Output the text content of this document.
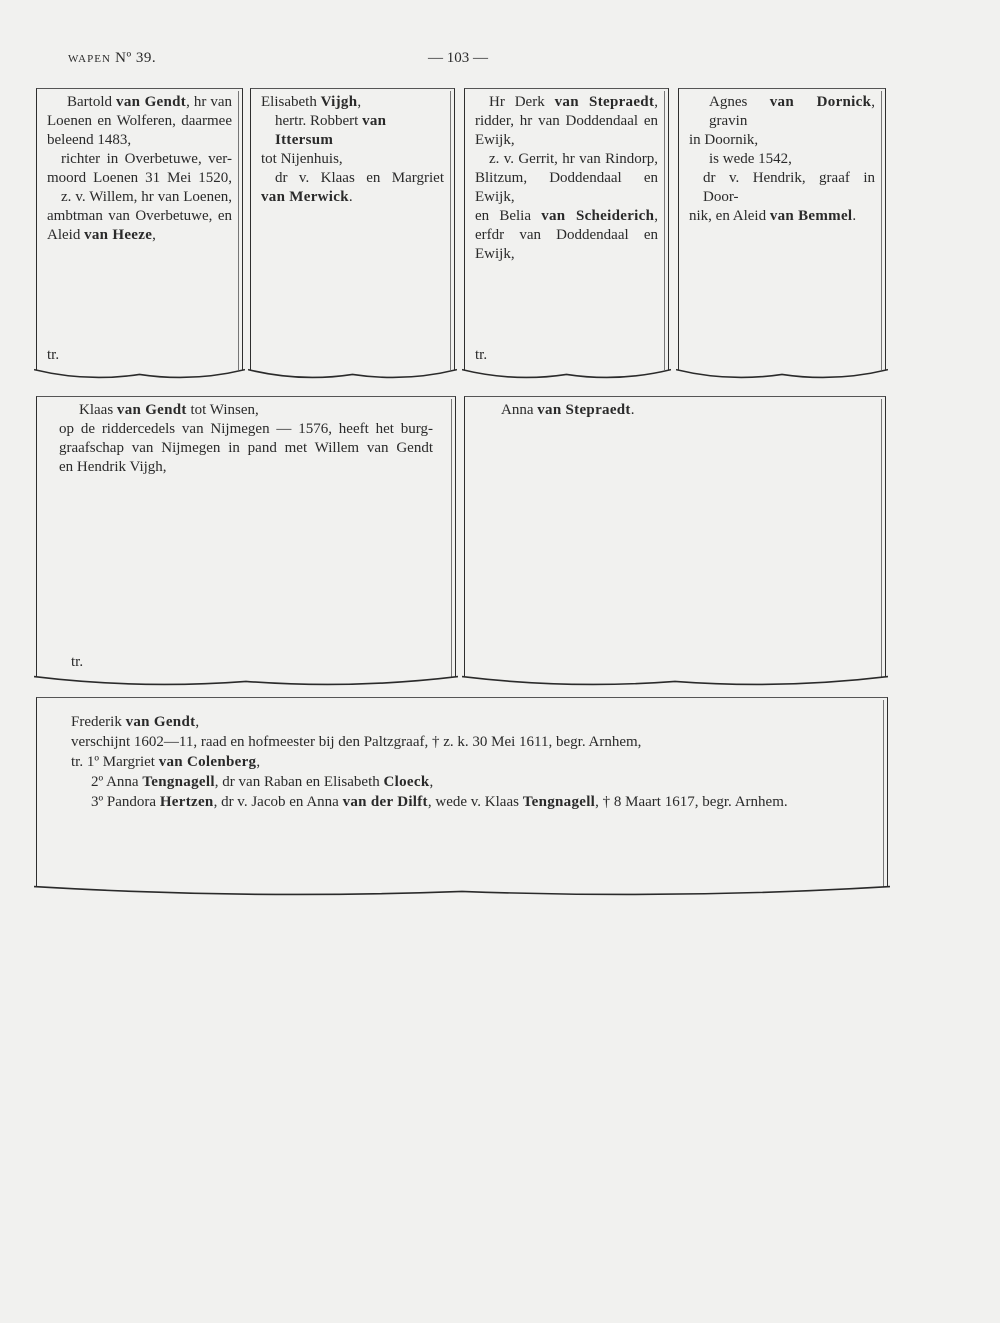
WAPEN Nº 39.	— 103 —
Bartold van Gendt, hr van
Loenen en Wolferen, daarmee
beleend 1483,
richter in Overbetuwe, ver-
moord Loenen 31 Mei 1520,
z. v. Willem, hr van Loenen,
ambtman van Overbetuwe, en
Aleid van Heeze,
tr.
Elisabeth Vijgh,
hertr. Robbert van Ittersum
tot Nijenhuis,
dr v. Klaas en Margriet
van Merwick.
Hr Derk van Stepraedt,
ridder, hr van Doddendaal en
Ewijk,
z. v. Gerrit, hr van Rindorp,
Blitzum, Doddendaal en Ewijk,
en Belia van Scheiderich,
erfdr van Doddendaal en Ewijk,
tr.
Agnes van Dornick, gravin
in Doornik,
is wede 1542,
dr v. Hendrik, graaf in Door-
nik, en Aleid van Bemmel.
Klaas van Gendt tot Winsen,
op de riddercedels van Nijmegen — 1576, heeft het burg-
graafschap van Nijmegen in pand met Willem van Gendt
en Hendrik Vijgh,
tr.
Anna van Stepraedt.
Frederik van Gendt,
verschijnt 1602—11, raad en hofmeester bij den Paltzgraaf, † z. k. 30 Mei 1611, begr. Arnhem,
tr. 1º Margriet van Colenberg,
2º Anna Tengnagell, dr van Raban en Elisabeth Cloeck,
3º Pandora Hertzen, dr v. Jacob en Anna van der Dilft, wede v. Klaas Tengnagell, † 8 Maart 1617, begr. Arnhem.
